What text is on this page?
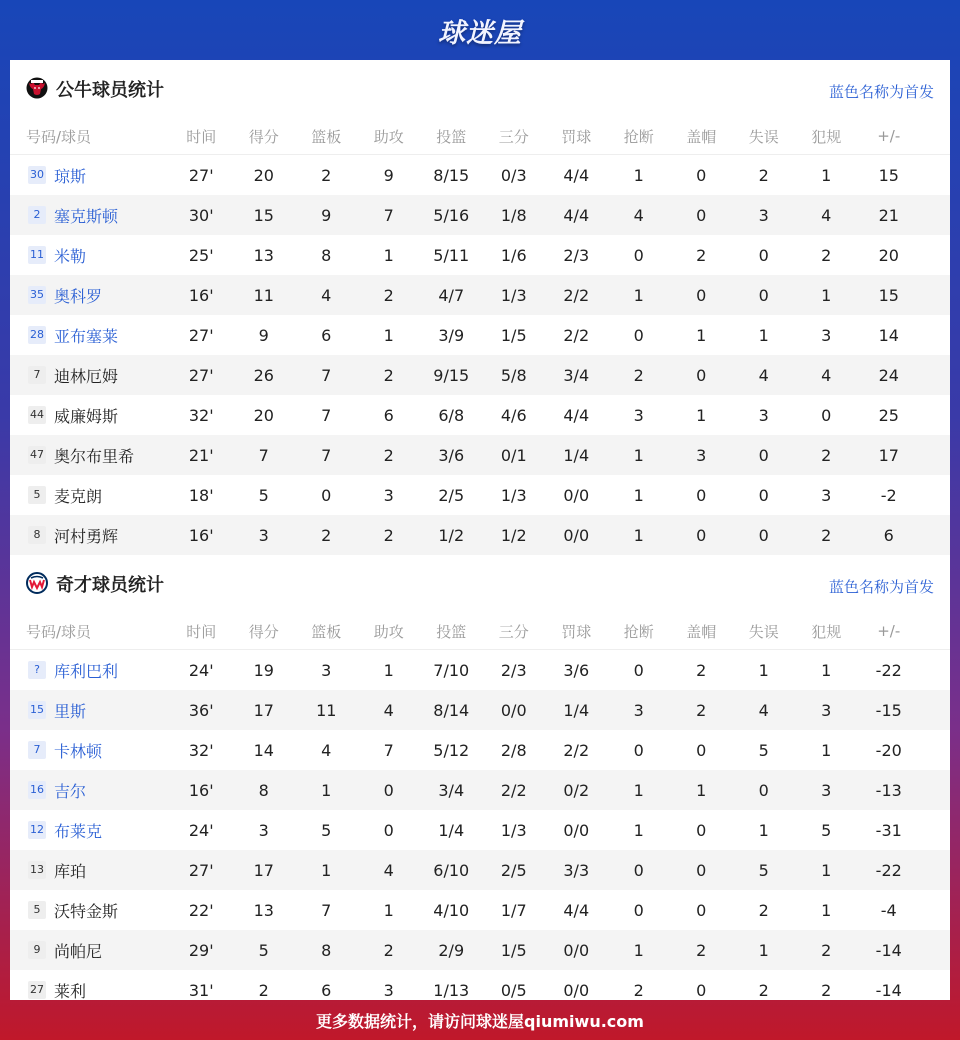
球迷屋
公牛球员统计	蓝色名称为首发
号码/球员	时间	得分	篮板	助攻	投篮	三分	罚球	抢断	盖帽	失误	犯规	+/-
30 琼斯	27'	20	2	9	8/15	0/3	4/4	1	0	2	1	15
2 塞克斯顿	30'	15	9	7	5/16	1/8	4/4	4	0	3	4	21
11 米勒	25'	13	8	1	5/11	1/6	2/3	0	2	0	2	20
35 奥科罗	16'	11	4	2	4/7	1/3	2/2	1	0	0	1	15
28 亚布塞莱	27'	9	6	1	3/9	1/5	2/2	0	1	1	3	14
7 迪林厄姆	27'	26	7	2	9/15	5/8	3/4	2	0	4	4	24
44 威廉姆斯	32'	20	7	6	6/8	4/6	4/4	3	1	3	0	25
47 奥尔布里希	21'	7	7	2	3/6	0/1	1/4	1	3	0	2	17
5 麦克朗	18'	5	0	3	2/5	1/3	0/0	1	0	0	3	-2
8 河村勇辉	16'	3	2	2	1/2	1/2	0/0	1	0	0	2	6
奇才球员统计	蓝色名称为首发
号码/球员	时间	得分	篮板	助攻	投篮	三分	罚球	抢断	盖帽	失误	犯规	+/-
? 库利巴利	24'	19	3	1	7/10	2/3	3/6	0	2	1	1	-22
15 里斯	36'	17	11	4	8/14	0/0	1/4	3	2	4	3	-15
7 卡林顿	32'	14	4	7	5/12	2/8	2/2	0	0	5	1	-20
16 吉尔	16'	8	1	0	3/4	2/2	0/2	1	1	0	3	-13
12 布莱克	24'	3	5	0	1/4	1/3	0/0	1	0	1	5	-31
13 库珀	27'	17	1	4	6/10	2/5	3/3	0	0	5	1	-22
5 沃特金斯	22'	13	7	1	4/10	1/7	4/4	0	0	2	1	-4
9 尚帕尼	29'	5	8	2	2/9	1/5	0/0	1	2	1	2	-14
27 莱利	31'	2	6	3	1/13	0/5	0/0	2	0	2	2	-14
更多数据统计，请访问球迷屋qiumiwu.com
